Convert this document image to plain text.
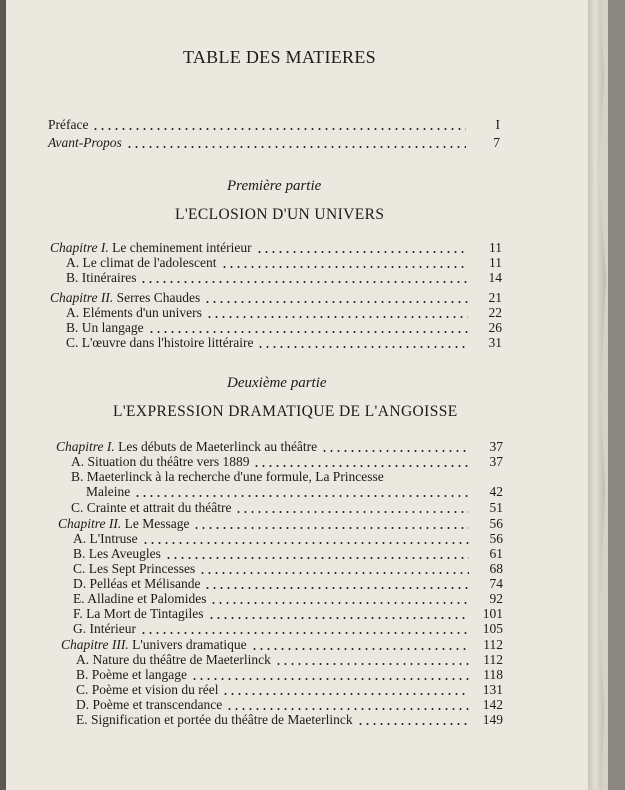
TABLE DES MATIERES
Préface	I
Avant-Propos	7
Première partie
L'ECLOSION D'UN UNIVERS
Chapitre I. Le cheminement intérieur	11
A. Le climat de l'adolescent	11
B. Itinéraires	14
Chapitre II. Serres Chaudes	21
A. Eléments d'un univers	22
B. Un langage	26
C. L'œuvre dans l'histoire littéraire	31
Deuxième partie
L'EXPRESSION DRAMATIQUE DE L'ANGOISSE
Chapitre I. Les débuts de Maeterlinck au théâtre	37
A. Situation du théâtre vers 1889	37
B. Maeterlinck à la recherche d'une formule, La Princesse
Maleine	42
C. Crainte et attrait du théâtre	51
Chapitre II. Le Message	56
A. L'Intruse	56
B. Les Aveugles	61
C. Les Sept Princesses	68
D. Pelléas et Mélisande	74
E. Alladine et Palomides	92
F. La Mort de Tintagiles	101
G. Intérieur	105
Chapitre III. L'univers dramatique	112
A. Nature du théâtre de Maeterlinck	112
B. Poème et langage	118
C. Poème et vision du réel	131
D. Poème et transcendance	142
E. Signification et portée du théâtre de Maeterlinck	149
